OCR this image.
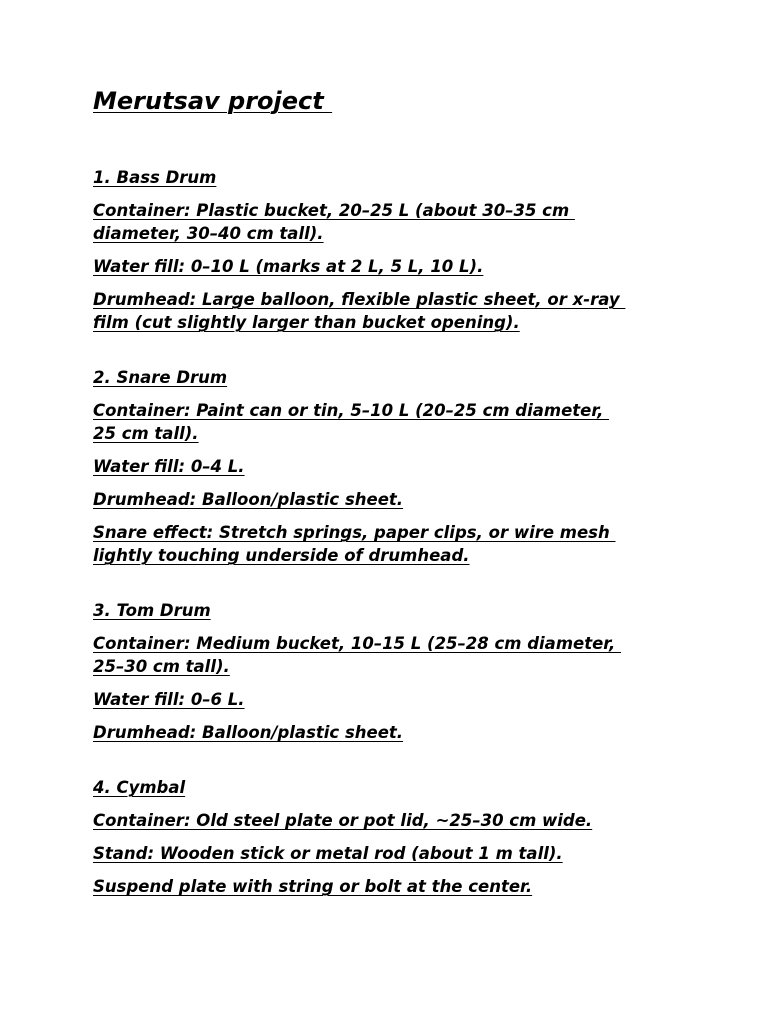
Merutsav project
1. Bass Drum
Container: Plastic bucket, 20–25 L (about 30–35 cm
diameter, 30–40 cm tall).
Water fill: 0–10 L (marks at 2 L, 5 L, 10 L).
Drumhead: Large balloon, flexible plastic sheet, or x-ray
film (cut slightly larger than bucket opening).
2. Snare Drum
Container: Paint can or tin, 5–10 L (20–25 cm diameter,
25 cm tall).
Water fill: 0–4 L.
Drumhead: Balloon/plastic sheet.
Snare effect: Stretch springs, paper clips, or wire mesh
lightly touching underside of drumhead.
3. Tom Drum
Container: Medium bucket, 10–15 L (25–28 cm diameter,
25–30 cm tall).
Water fill: 0–6 L.
Drumhead: Balloon/plastic sheet.
4. Cymbal
Container: Old steel plate or pot lid, ~25–30 cm wide.
Stand: Wooden stick or metal rod (about 1 m tall).
Suspend plate with string or bolt at the center.
